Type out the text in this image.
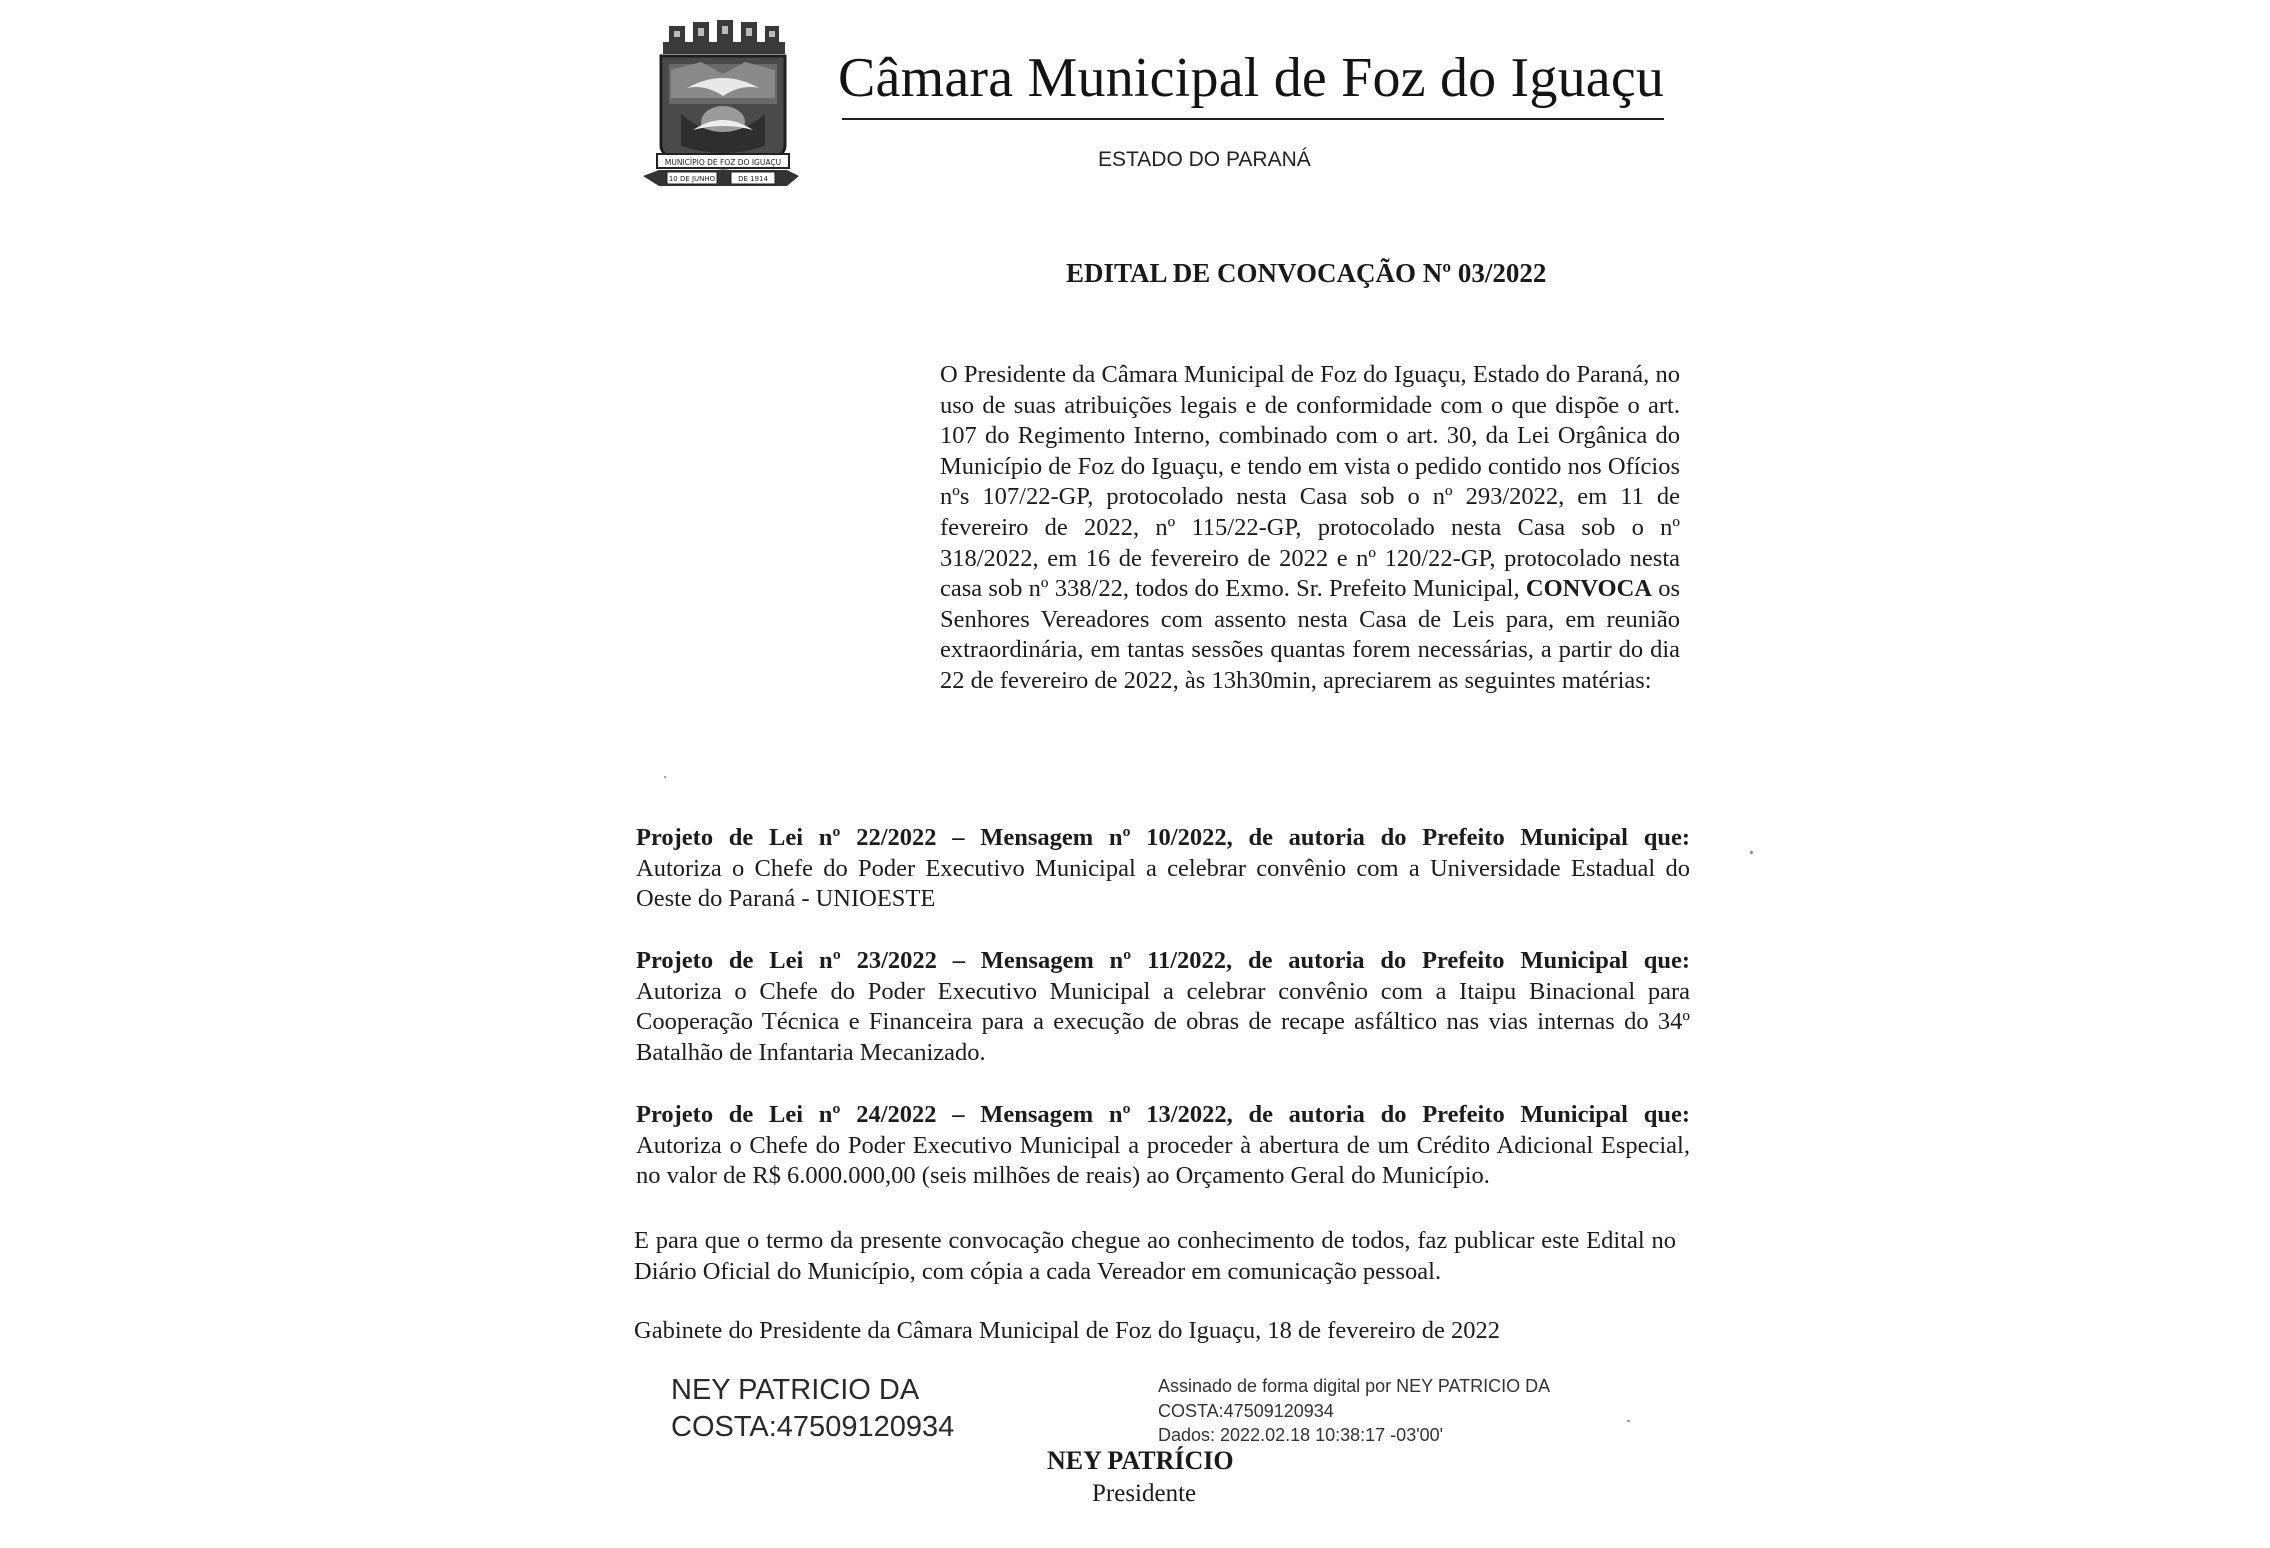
MUNICÍPIO DE FOZ DO IGUAÇU
10 DE JUNHO	DE 1914
Câmara Municipal de Foz do Iguaçu
ESTADO DO PARANÁ
EDITAL DE CONVOCAÇÃO Nº 03/2022
O Presidente da Câmara Municipal de Foz do Iguaçu, Estado do Paraná, no uso de suas atribuições legais e de conformidade com o que dispõe o art. 107 do Regimento Interno, combinado com o art. 30, da Lei Orgânica do Município de Foz do Iguaçu, e tendo em vista o pedido contido nos Ofícios nºs 107/22-GP, protocolado nesta Casa sob o nº 293/2022, em 11 de fevereiro de 2022, nº 115/22-GP, protocolado nesta Casa sob o nº 318/2022, em 16 de fevereiro de 2022 e nº 120/22-GP, protocolado nesta casa sob nº 338/22, todos do Exmo. Sr. Prefeito Municipal, CONVOCA os Senhores Vereadores com assento nesta Casa de Leis para, em reunião extraordinária, em tantas sessões quantas forem necessárias, a partir do dia 22 de fevereiro de 2022, às 13h30min, apreciarem as seguintes matérias:
Projeto de Lei nº 22/2022 – Mensagem nº 10/2022, de autoria do Prefeito Municipal que:
Autoriza o Chefe do Poder Executivo Municipal a celebrar convênio com a Universidade Estadual do Oeste do Paraná - UNIOESTE
Projeto de Lei nº 23/2022 – Mensagem nº 11/2022, de autoria do Prefeito Municipal que:
Autoriza o Chefe do Poder Executivo Municipal a celebrar convênio com a Itaipu Binacional para Cooperação Técnica e Financeira para a execução de obras de recape asfáltico nas vias internas do 34º Batalhão de Infantaria Mecanizado.
Projeto de Lei nº 24/2022 – Mensagem nº 13/2022, de autoria do Prefeito Municipal que:
Autoriza o Chefe do Poder Executivo Municipal a proceder à abertura de um Crédito Adicional Especial, no valor de R$ 6.000.000,00 (seis milhões de reais) ao Orçamento Geral do Município.
E para que o termo da presente convocação chegue ao conhecimento de todos, faz publicar este Edital no Diário Oficial do Município, com cópia a cada Vereador em comunicação pessoal.
Gabinete do Presidente da Câmara Municipal de Foz do Iguaçu, 18 de fevereiro de 2022
NEY PATRICIO DA
COSTA:47509120934
Assinado de forma digital por NEY PATRICIO DA
COSTA:47509120934
Dados: 2022.02.18 10:38:17 -03'00'
NEY PATRÍCIO
Presidente
